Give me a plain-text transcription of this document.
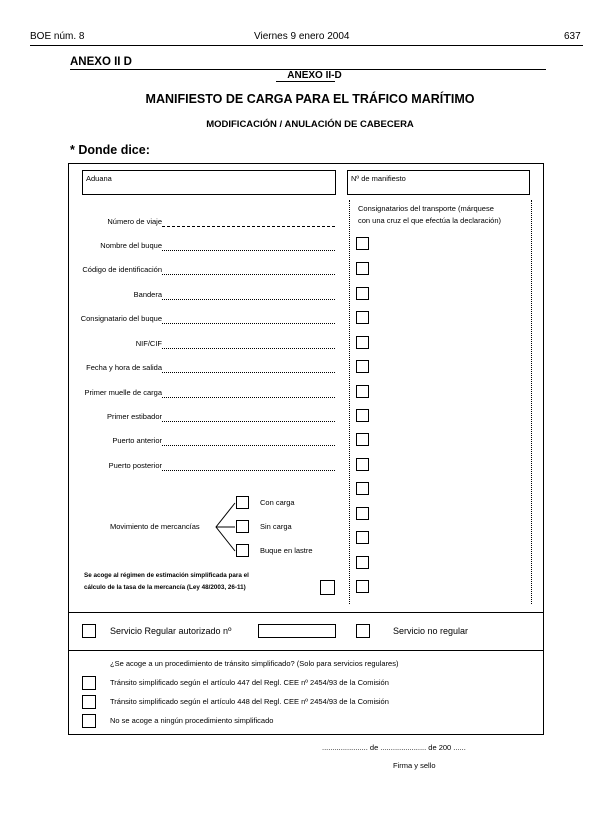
BOE núm. 8	Viernes 9 enero 2004	637
ANEXO II D
ANEXO II-D
MANIFIESTO DE CARGA PARA EL TRÁFICO MARÍTIMO
MODIFICACIÓN / ANULACIÓN DE CABECERA
* Donde dice:
Aduana	Nº de manifiesto
Consignatarios del transporte (márquese
con una cruz el que efectúa la declaración)
Número de viaje
Nombre del buque
Código de identificación
Bandera
Consignatario del buque
NIF/CIF
Fecha y hora de salida
Primer muelle de carga
Primer estibador
Puerto anterior
Puerto posterior
Movimiento de mercancías
Con carga
Sin carga
Buque en lastre
Se acoge al régimen de estimación simplificada para el
cálculo de la tasa de la mercancía (Ley 48/2003, 26-11)
Servicio Regular autorizado nº	Servicio no regular
¿Se acoge a un procedimiento de tránsito simplificado? (Solo para servicios regulares)
Tránsito simplificado según el artículo 447 del Regl. CEE nº 2454/93 de la Comisión
Tránsito simplificado según el artículo 448 del Regl. CEE nº 2454/93 de la Comisión
No se acoge a ningún procedimiento simplificado
...................... de ...................... de 200 ......
Firma y sello
